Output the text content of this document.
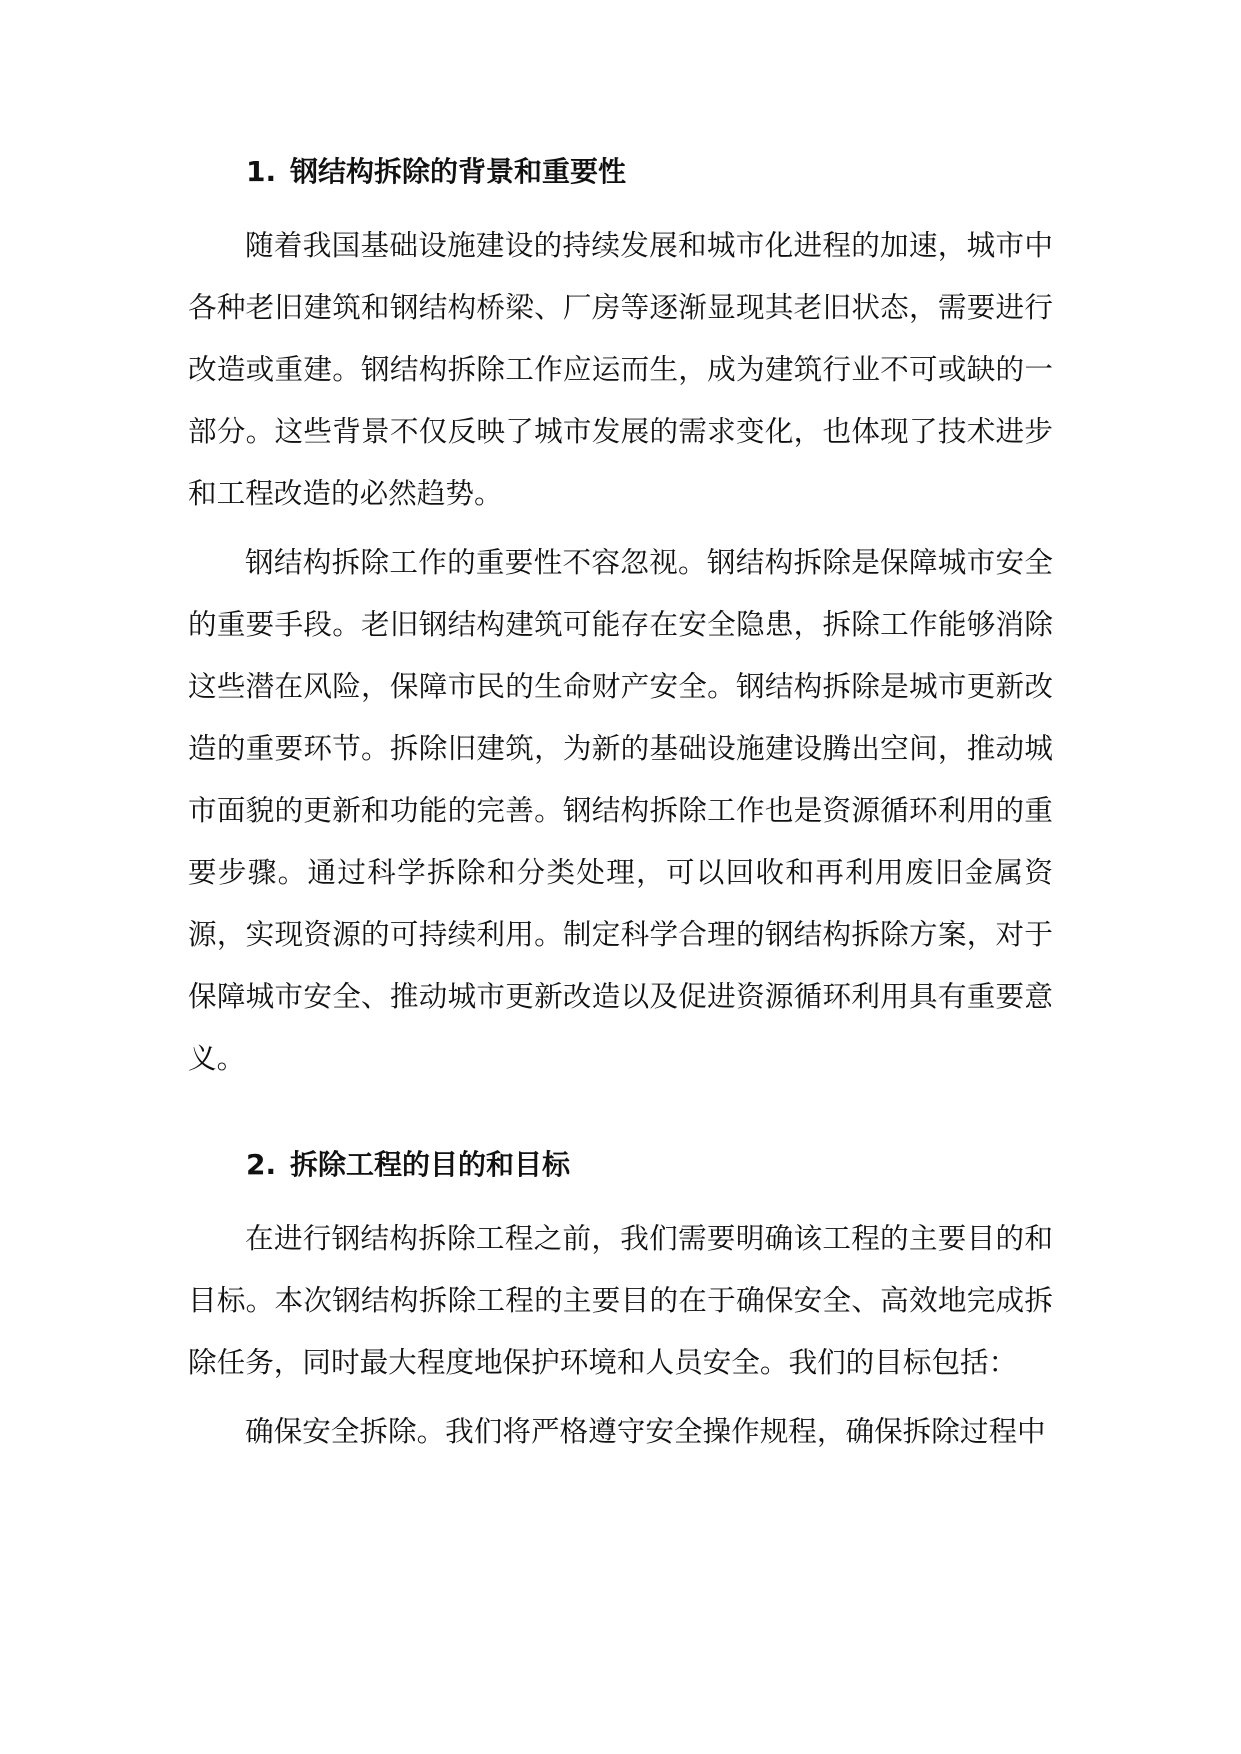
1. 钢结构拆除的背景和重要性

随着我国基础设施建设的持续发展和城市化进程的加速，城市中各种老旧建筑和钢结构桥梁、厂房等逐渐显现其老旧状态，需要进行改造或重建。钢结构拆除工作应运而生，成为建筑行业不可或缺的一部分。这些背景不仅反映了城市发展的需求变化，也体现了技术进步和工程改造的必然趋势。

钢结构拆除工作的重要性不容忽视。钢结构拆除是保障城市安全的重要手段。老旧钢结构建筑可能存在安全隐患，拆除工作能够消除这些潜在风险，保障市民的生命财产安全。钢结构拆除是城市更新改造的重要环节。拆除旧建筑，为新的基础设施建设腾出空间，推动城市面貌的更新和功能的完善。钢结构拆除工作也是资源循环利用的重要步骤。通过科学拆除和分类处理，可以回收和再利用废旧金属资源，实现资源的可持续利用。制定科学合理的钢结构拆除方案，对于保障城市安全、推动城市更新改造以及促进资源循环利用具有重要意义。

2. 拆除工程的目的和目标

在进行钢结构拆除工程之前，我们需要明确该工程的主要目的和目标。本次钢结构拆除工程的主要目的在于确保安全、高效地完成拆除任务，同时最大程度地保护环境和人员安全。我们的目标包括：

确保安全拆除。我们将严格遵守安全操作规程，确保拆除过程中
